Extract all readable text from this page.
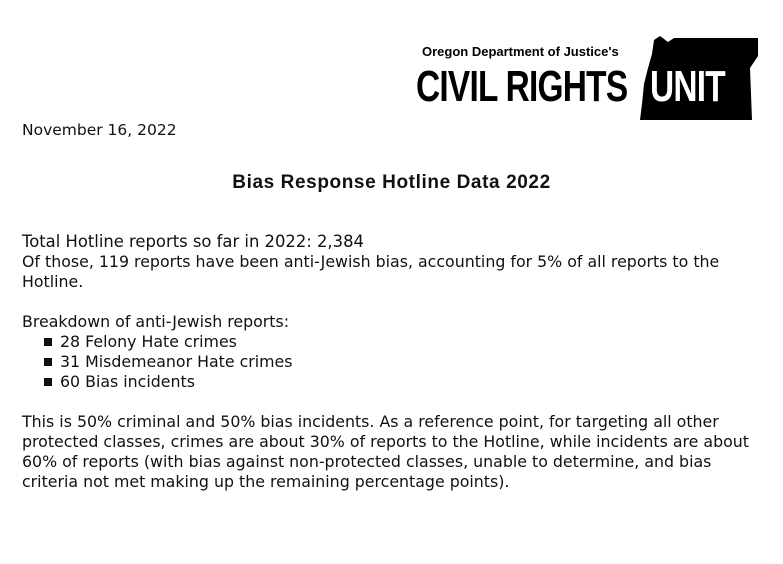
Oregon Department of Justice's
CIVIL RIGHTS UNIT
November 16, 2022
Bias Response Hotline Data 2022

Total Hotline reports so far in 2022: 2,384

Of those, 119 reports have been anti-Jewish bias, accounting for 5% of all reports to the Hotline.

Breakdown of anti-Jewish reports:

28 Felony Hate crimes
31 Misdemeanor Hate crimes
60 Bias incidents

This is 50% criminal and 50% bias incidents. As a reference point, for targeting all other protected classes, crimes are about 30% of reports to the Hotline, while incidents are about 60% of reports (with bias against non-protected classes, unable to determine, and bias criteria not met making up the remaining percentage points).
